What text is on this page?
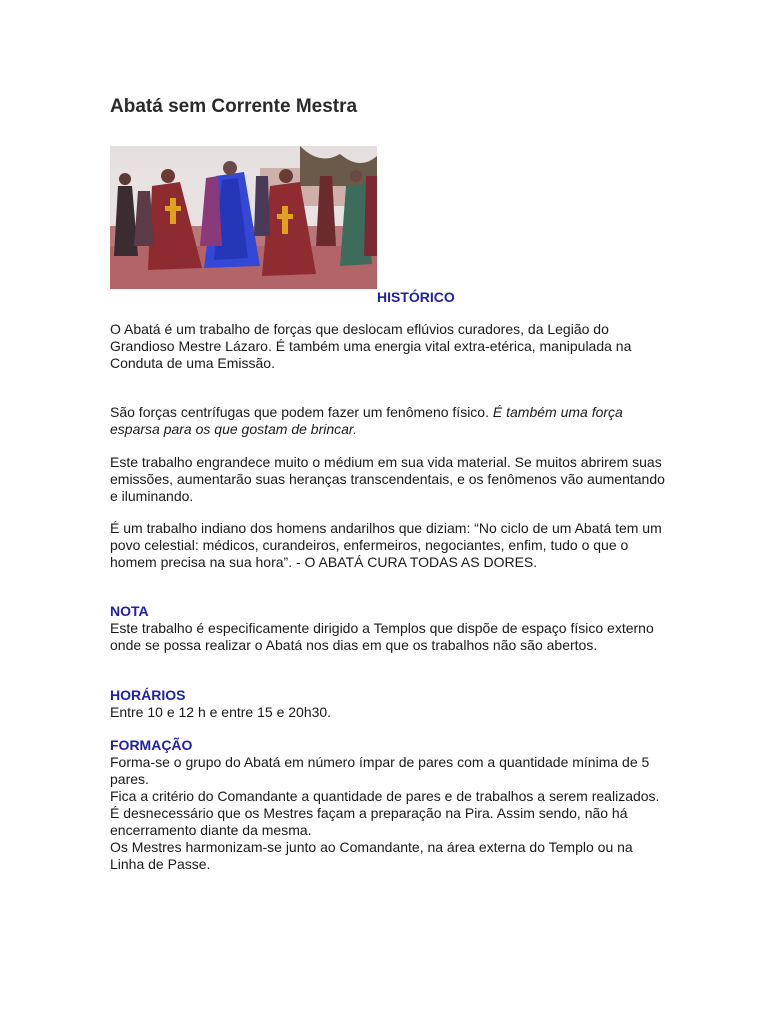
Abatá sem Corrente Mestra
HISTÓRICO

O Abatá é um trabalho de forças que deslocam eflúvios curadores, da Legião do Grandioso Mestre Lázaro. É também uma energia vital extra-etérica, manipulada na Conduta de uma Emissão.

São forças centrífugas que podem fazer um fenômeno físico. É também uma força esparsa para os que gostam de brincar.

Este trabalho engrandece muito o médium em sua vida material. Se muitos abrirem suas emissões, aumentarão suas heranças transcendentais, e os fenômenos vão aumentando e iluminando.

É um trabalho indiano dos homens andarilhos que diziam: “No ciclo de um Abatá tem um povo celestial: médicos, curandeiros, enfermeiros, negociantes, enfim, tudo o que o homem precisa na sua hora”. - O ABATÁ CURA TODAS AS DORES.

NOTA

Este trabalho é especificamente dirigido a Templos que dispõe de espaço físico externo onde se possa realizar o Abatá nos dias em que os trabalhos não são abertos.

HORÁRIOS

Entre 10 e 12 h e entre 15 e 20h30.

FORMAÇÃO

Forma-se o grupo do Abatá em número ímpar de pares com a quantidade mínima de 5 pares.

Fica a critério do Comandante a quantidade de pares e de trabalhos a serem realizados.

É desnecessário que os Mestres façam a preparação na Pira. Assim sendo, não há encerramento diante da mesma.

Os Mestres harmonizam-se junto ao Comandante, na área externa do Templo ou na Linha de Passe.
